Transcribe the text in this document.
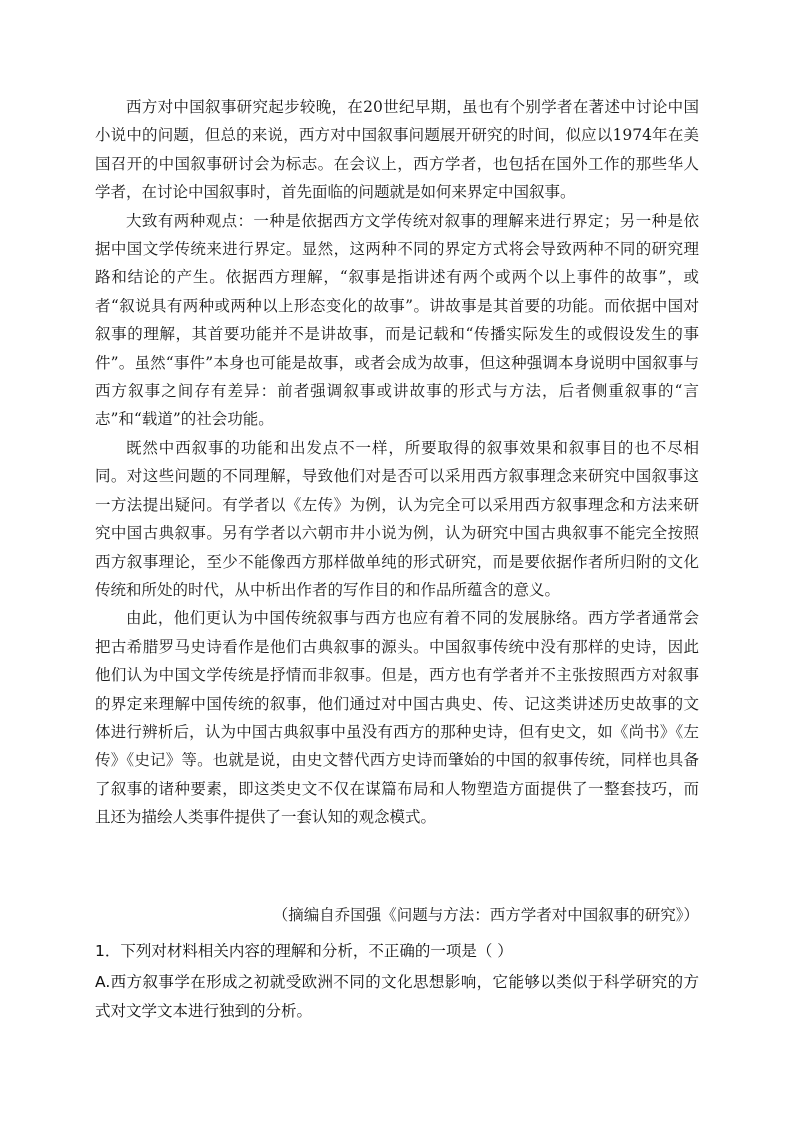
西方对中国叙事研究起步较晚，在20世纪早期，虽也有个别学者在著述中讨论中国小说中的问题，但总的来说，西方对中国叙事问题展开研究的时间，似应以1974年在美国召开的中国叙事研讨会为标志。在会议上，西方学者，也包括在国外工作的那些华人学者，在讨论中国叙事时，首先面临的问题就是如何来界定中国叙事。

大致有两种观点：一种是依据西方文学传统对叙事的理解来进行界定；另一种是依据中国文学传统来进行界定。显然，这两种不同的界定方式将会导致两种不同的研究理路和结论的产生。依据西方理解，“叙事是指讲述有两个或两个以上事件的故事”，或者“叙说具有两种或两种以上形态变化的故事”。讲故事是其首要的功能。而依据中国对叙事的理解，其首要功能并不是讲故事，而是记载和“传播实际发生的或假设发生的事件”。虽然“事件”本身也可能是故事，或者会成为故事，但这种强调本身说明中国叙事与西方叙事之间存有差异：前者强调叙事或讲故事的形式与方法，后者侧重叙事的“言志”和“载道”的社会功能。

既然中西叙事的功能和出发点不一样，所要取得的叙事效果和叙事目的也不尽相同。对这些问题的不同理解，导致他们对是否可以采用西方叙事理念来研究中国叙事这一方法提出疑问。有学者以《左传》为例，认为完全可以采用西方叙事理念和方法来研究中国古典叙事。另有学者以六朝市井小说为例，认为研究中国古典叙事不能完全按照西方叙事理论，至少不能像西方那样做单纯的形式研究，而是要依据作者所归附的文化传统和所处的时代，从中析出作者的写作目的和作品所蕴含的意义。

由此，他们更认为中国传统叙事与西方也应有着不同的发展脉络。西方学者通常会把古希腊罗马史诗看作是他们古典叙事的源头。中国叙事传统中没有那样的史诗，因此他们认为中国文学传统是抒情而非叙事。但是，西方也有学者并不主张按照西方对叙事的界定来理解中国传统的叙事，他们通过对中国古典史、传、记这类讲述历史故事的文体进行辨析后，认为中国古典叙事中虽没有西方的那种史诗，但有史文，如《尚书》《左传》《史记》等。也就是说，由史文替代西方史诗而肇始的中国的叙事传统，同样也具备了叙事的诸种要素，即这类史文不仅在谋篇布局和人物塑造方面提供了一整套技巧，而且还为描绘人类事件提供了一套认知的观念模式。

（摘编自乔国强《问题与方法：西方学者对中国叙事的研究》）

1．下列对材料相关内容的理解和分析，不正确的一项是（ ）

A.西方叙事学在形成之初就受欧洲不同的文化思想影响，它能够以类似于科学研究的方式对文学文本进行独到的分析。
